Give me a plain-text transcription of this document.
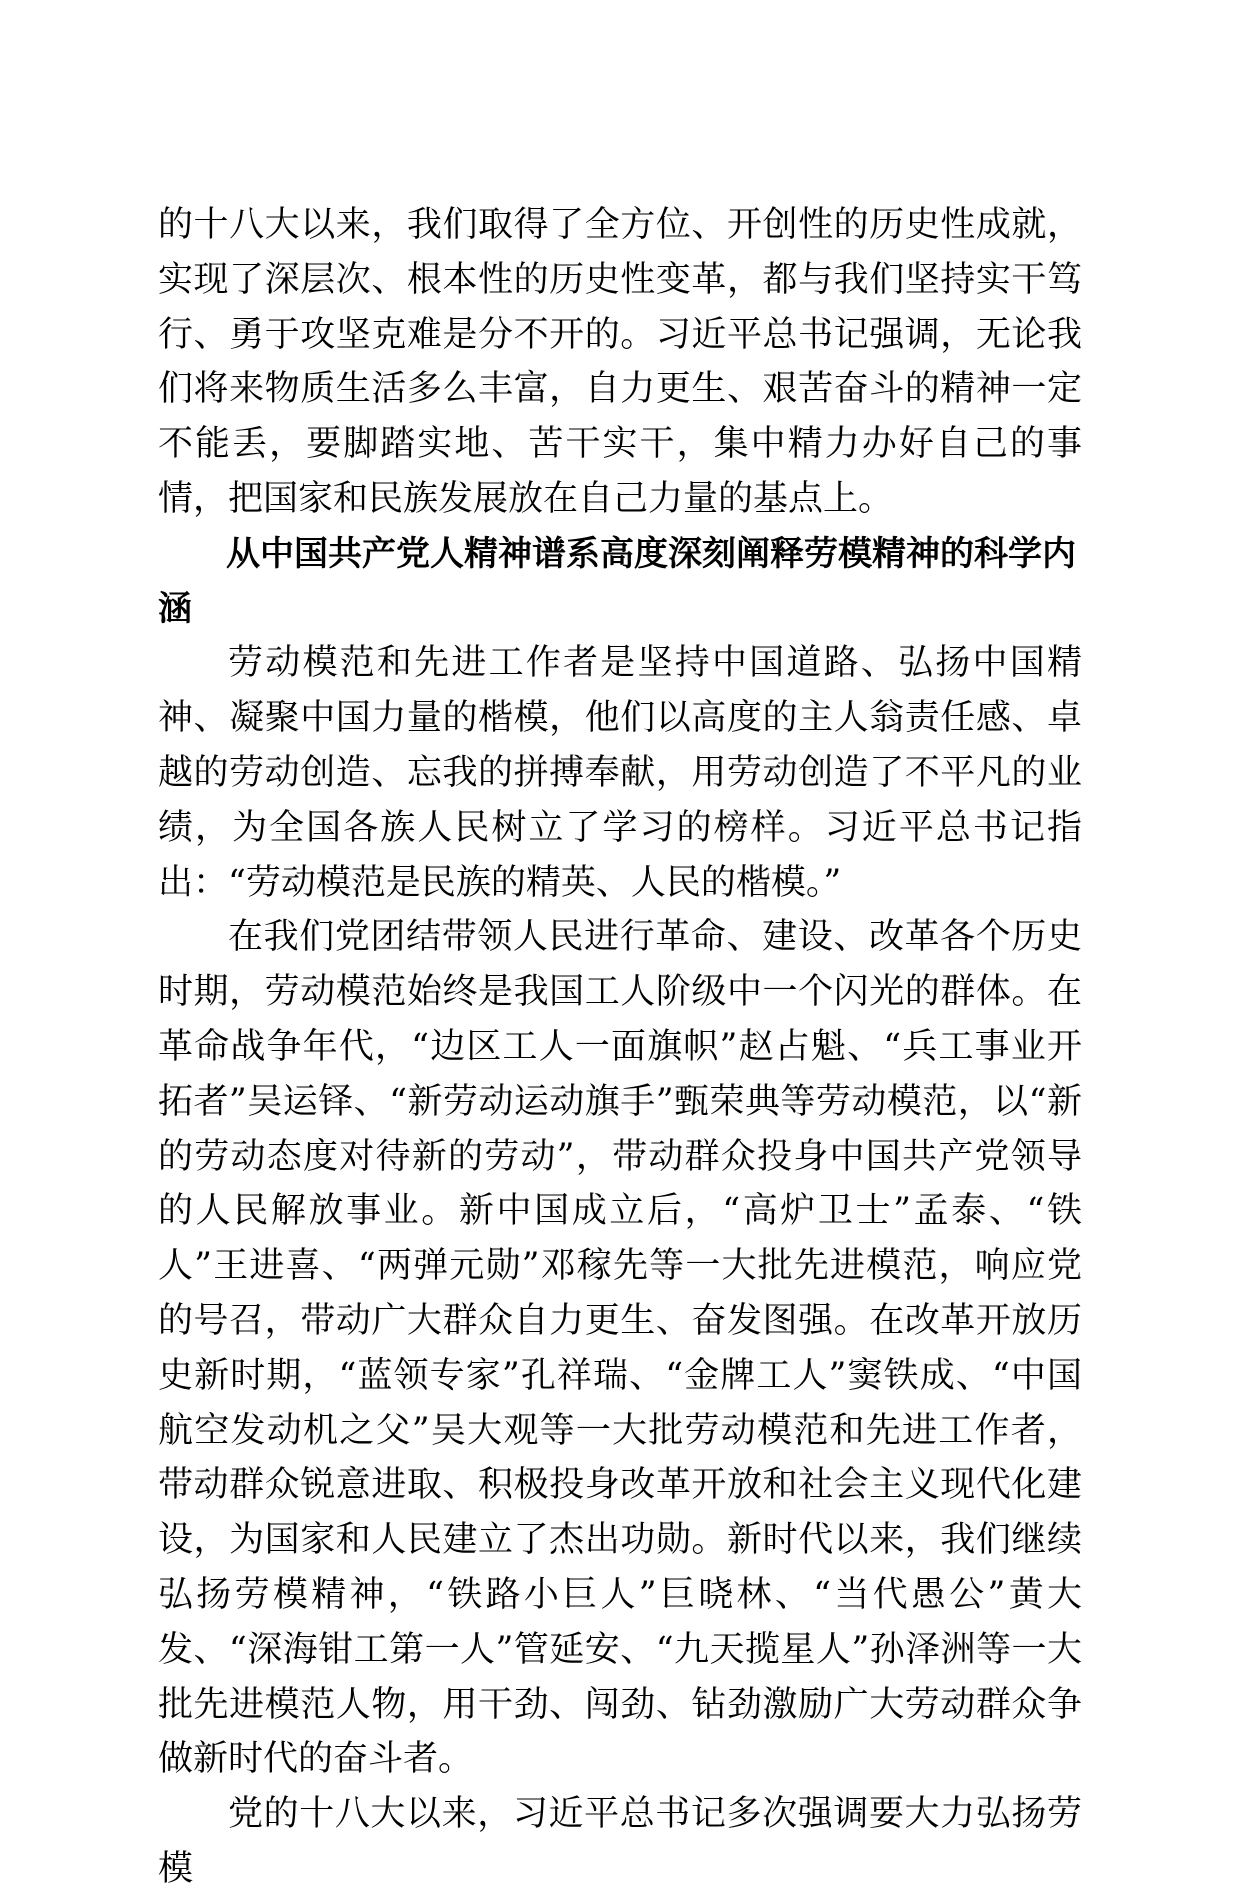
的十八大以来，我们取得了全方位、开创性的历史性成就，实现了深层次、根本性的历史性变革，都与我们坚持实干笃行、勇于攻坚克难是分不开的。习近平总书记强调，无论我们将来物质生活多么丰富，自力更生、艰苦奋斗的精神一定不能丢，要脚踏实地、苦干实干，集中精力办好自己的事情，把国家和民族发展放在自己力量的基点上。

从中国共产党人精神谱系高度深刻阐释劳模精神的科学内涵

劳动模范和先进工作者是坚持中国道路、弘扬中国精神、凝聚中国力量的楷模，他们以高度的主人翁责任感、卓越的劳动创造、忘我的拼搏奉献，用劳动创造了不平凡的业绩，为全国各族人民树立了学习的榜样。习近平总书记指出：“劳动模范是民族的精英、人民的楷模。”

在我们党团结带领人民进行革命、建设、改革各个历史时期，劳动模范始终是我国工人阶级中一个闪光的群体。在革命战争年代，“边区工人一面旗帜”赵占魁、“兵工事业开拓者”吴运铎、“新劳动运动旗手”甄荣典等劳动模范，以“新的劳动态度对待新的劳动”，带动群众投身中国共产党领导的人民解放事业。新中国成立后，“高炉卫士”孟泰、“铁人”王进喜、“两弹元勋”邓稼先等一大批先进模范，响应党的号召，带动广大群众自力更生、奋发图强。在改革开放历史新时期，“蓝领专家”孔祥瑞、“金牌工人”窦铁成、“中国航空发动机之父”吴大观等一大批劳动模范和先进工作者，带动群众锐意进取、积极投身改革开放和社会主义现代化建设，为国家和人民建立了杰出功勋。新时代以来，我们继续弘扬劳模精神，“铁路小巨人”巨晓林、“当代愚公”黄大发、“深海钳工第一人”管延安、“九天揽星人”孙泽洲等一大批先进模范人物，用干劲、闯劲、钻劲激励广大劳动群众争做新时代的奋斗者。

党的十八大以来，习近平总书记多次强调要大力弘扬劳模
